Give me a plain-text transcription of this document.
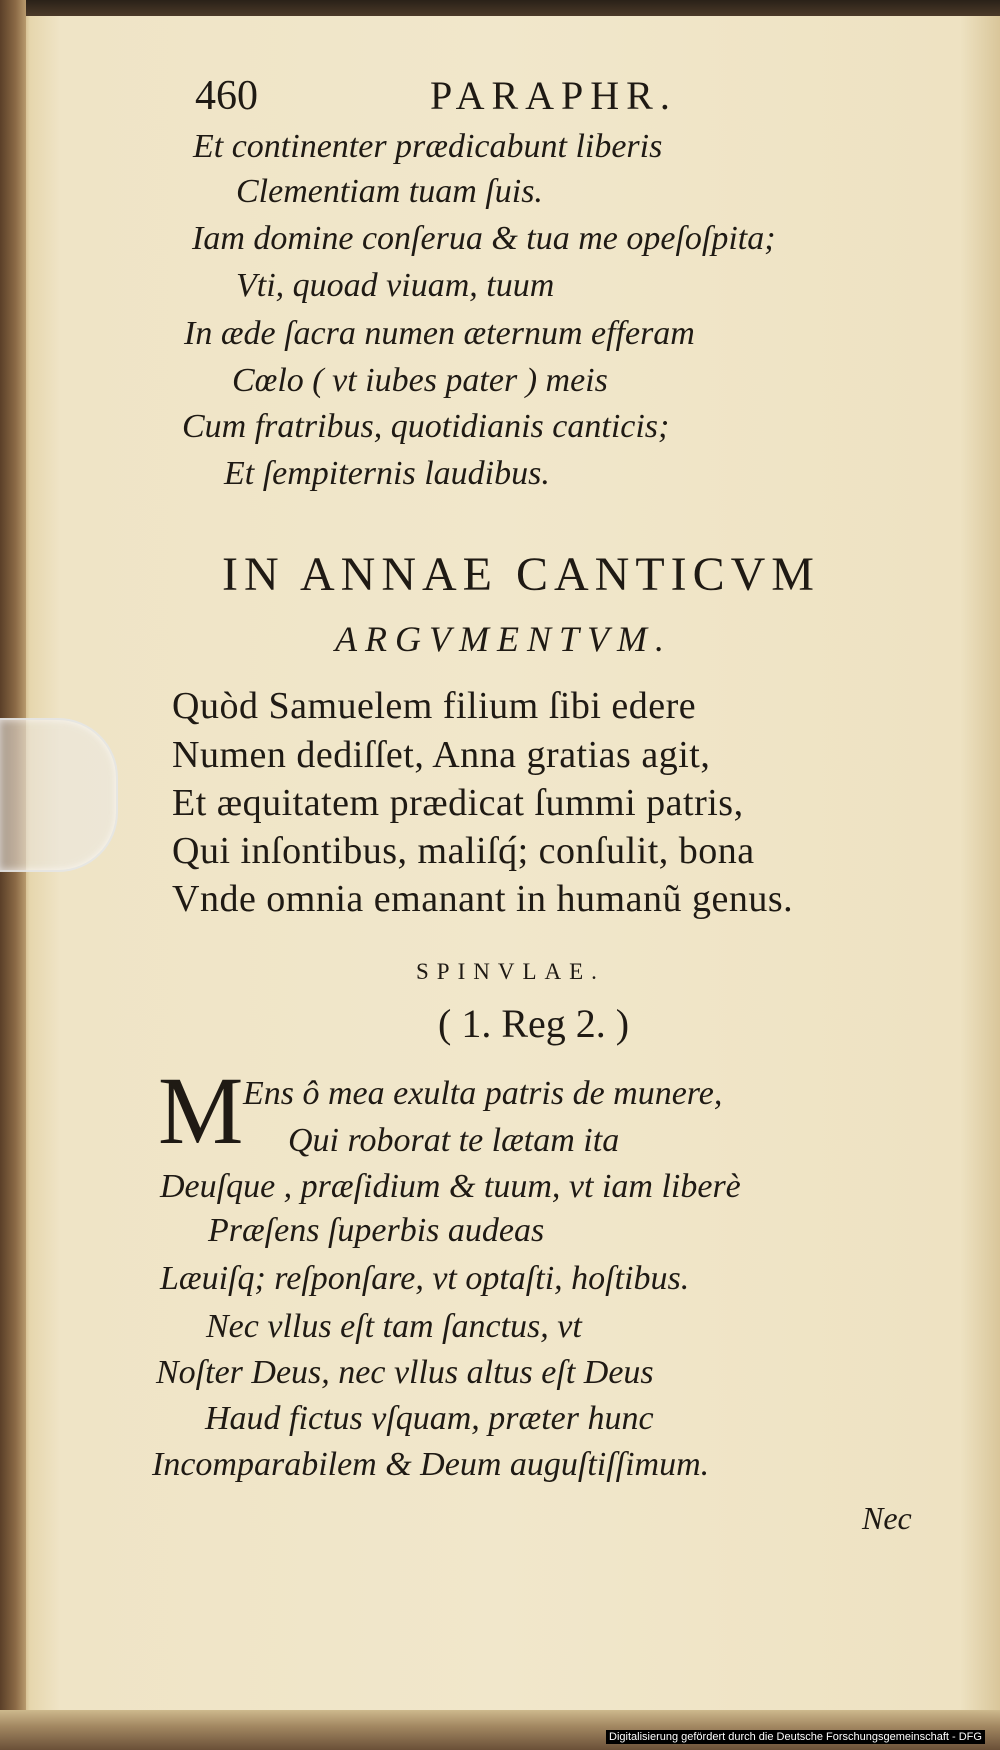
460	PARAPHR.

Et continenter prædicabunt liberis

Clementiam tuam ſuis.

Iam domine conſerua & tua me opeſoſpita;

Vti, quoad viuam, tuum

In æde ſacra numen æternum efferam

Cœlo ( vt iubes pater ) meis

Cum fratribus, quotidianis canticis;

Et ſempiternis laudibus.

IN ANNAE CANTICVM

ARGVMENTVM.

Quòd Samuelem filium ſibi edere

Numen dediſſet, Anna gratias agit,

Et æquitatem prædicat ſummi patris,

Qui inſontibus, maliſq́; conſulit, bona

Vnde omnia emanant in humanũ genus.

SPINVLAE.

( 1. Reg 2. )

M Ens ô mea exulta patris de munere,

Qui roborat te lætam ita

Deuſque , præſidium & tuum, vt iam liberè

Præſens ſuperbis audeas

Læuiſq; reſponſare, vt optaſti, hoſtibus.

Nec vllus eſt tam ſanctus, vt

Noſter Deus, nec vllus altus eſt Deus

Haud fictus vſquam, præter hunc

Incomparabilem & Deum auguſtiſſimum.

Nec

Digitalisierung gefördert durch die Deutsche Forschungsgemeinschaft - DFG
